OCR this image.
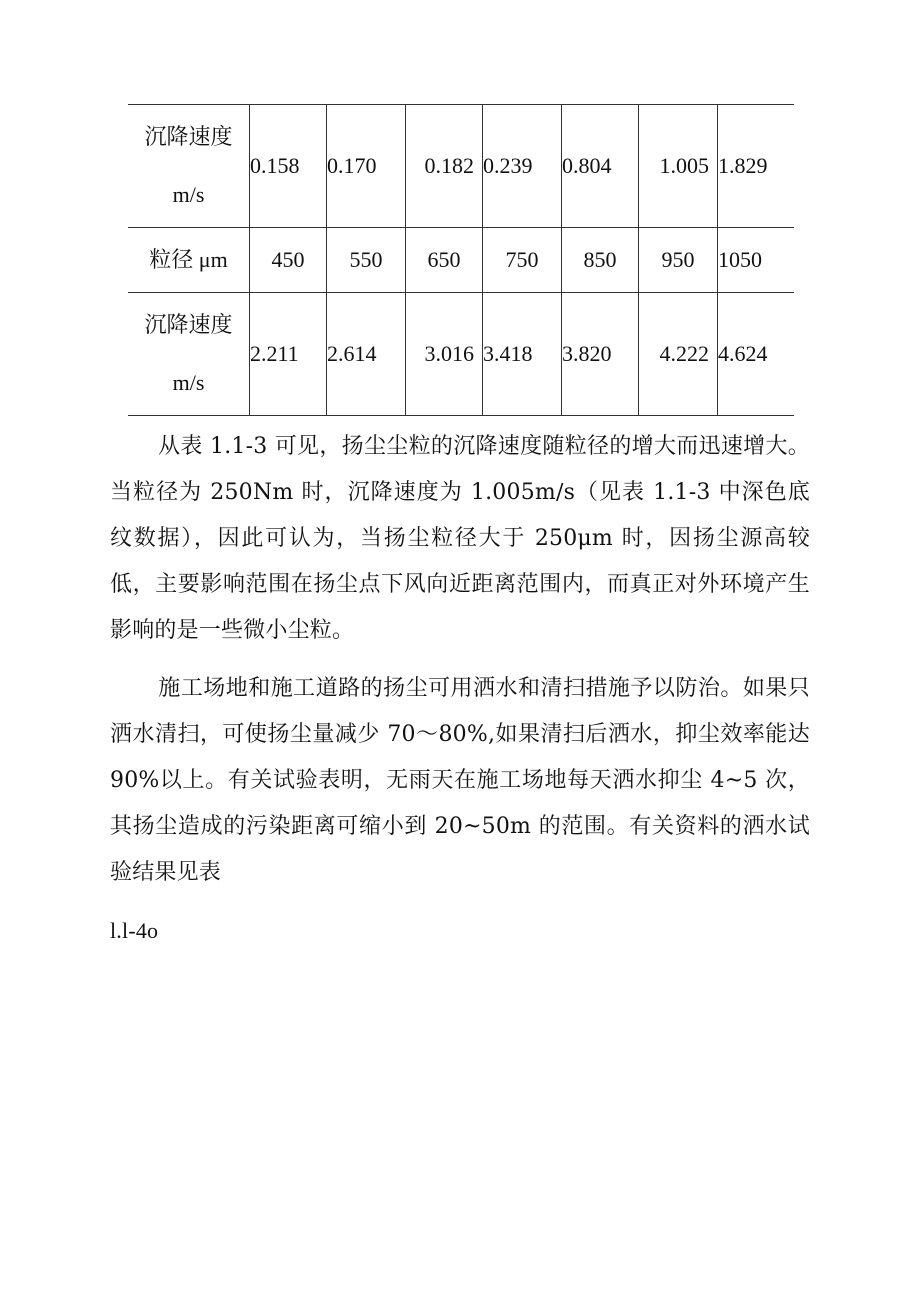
沉降速度
m/s	0.158	0.170	0.182	0.239	0.804	1.005	1.829

粒径 μm	450	550	650	750	850	950	1050

沉降速度
m/s	2.211	2.614	3.016	3.418	3.820	4.222	4.624
从表 1.1-3 可见，扬尘尘粒的沉降速度随粒径的增大而迅速增大。当粒径为 250Nm 时，沉降速度为 1.005m∕s（见表 1.1-3 中深色底纹数据），因此可认为，当扬尘粒径大于 250μm 时，因扬尘源高较低，主要影响范围在扬尘点下风向近距离范围内，而真正对外环境产生影响的是一些微小尘粒。
施工场地和施工道路的扬尘可用洒水和清扫措施予以防治。如果只洒水清扫，可使扬尘量减少 70～80%,如果清扫后洒水，抑尘效率能达 90%以上。有关试验表明，无雨天在施工场地每天洒水抑尘 4~5 次，其扬尘造成的污染距离可缩小到 20~50m 的范围。有关资料的洒水试验结果见表
l.l-4o
